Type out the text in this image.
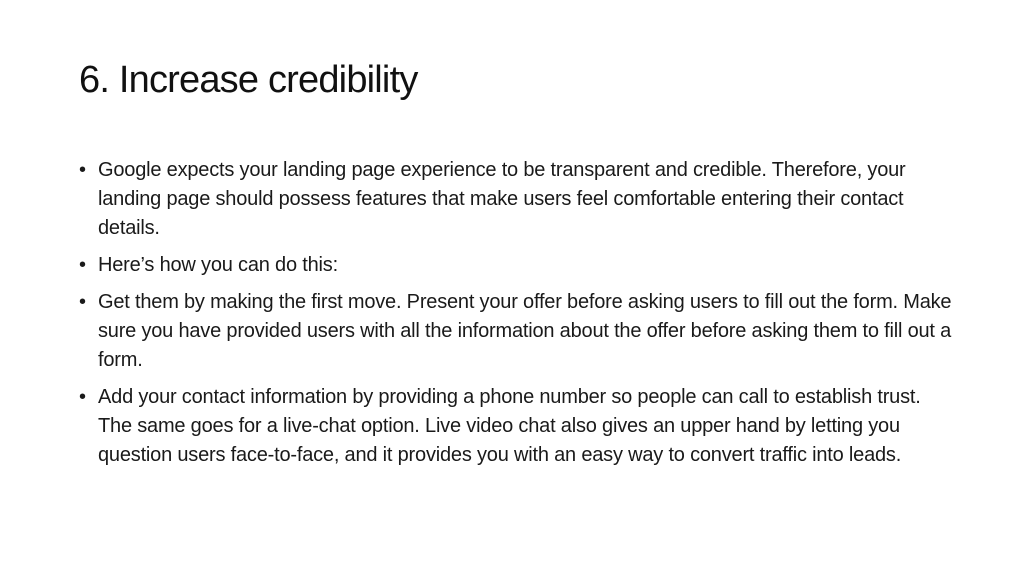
6. Increase credibility
• Google expects your landing page experience to be transparent and credible. Therefore, your landing page should possess features that make users feel comfortable entering their contact details.
• Here’s how you can do this:
• Get them by making the first move. Present your offer before asking users to fill out the form. Make sure you have provided users with all the information about the offer before asking them to fill out a form.
• Add your contact information by providing a phone number so people can call to establish trust. The same goes for a live-chat option. Live video chat also gives an upper hand by letting you question users face-to-face, and it provides you with an easy way to convert traffic into leads.
